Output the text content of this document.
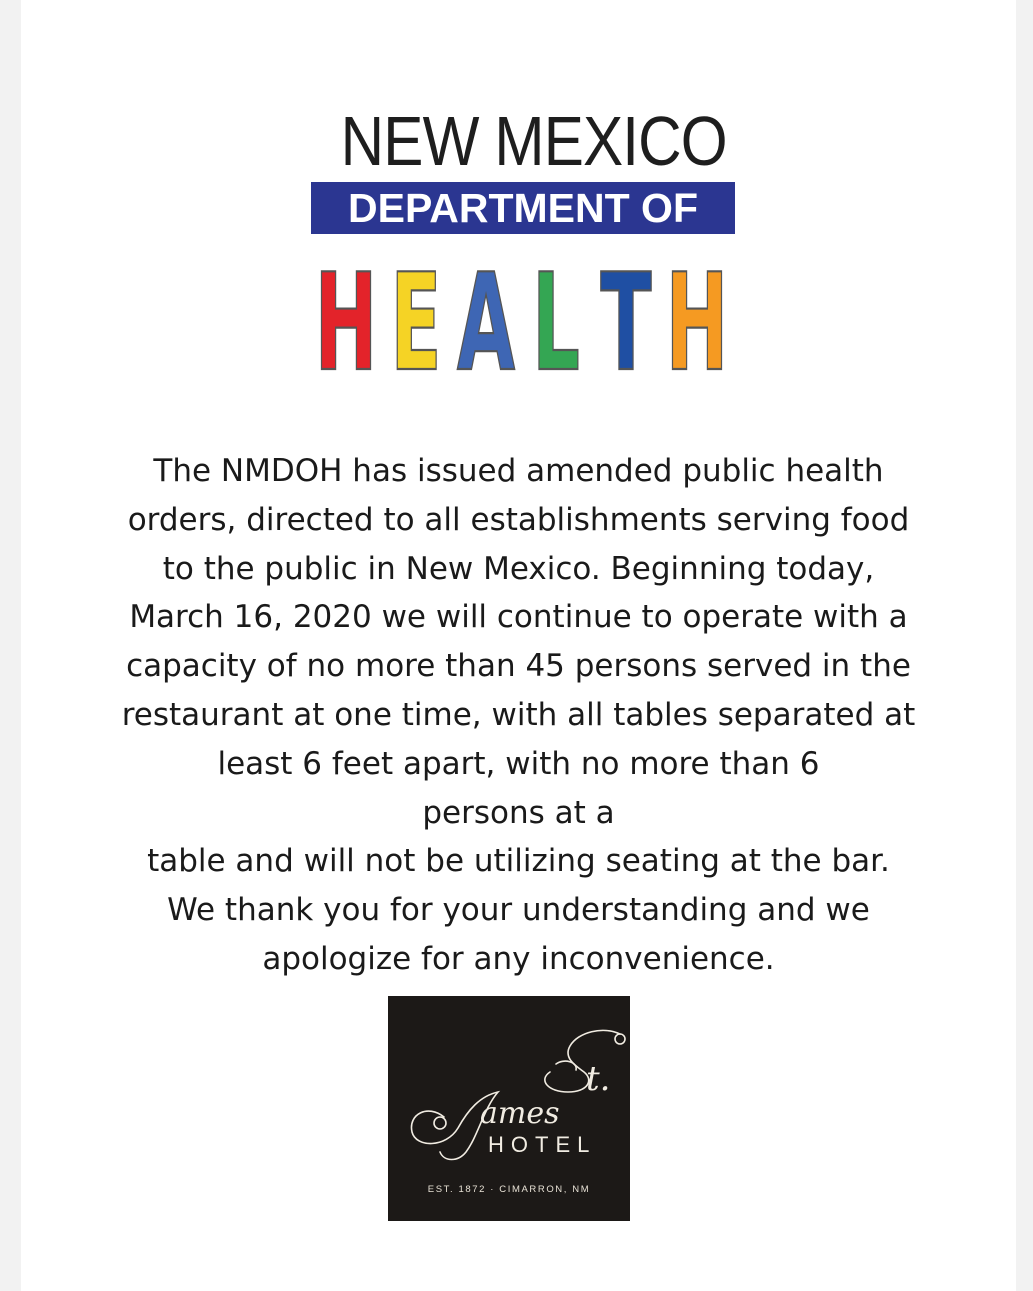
NEW MEXICO
DEPARTMENT OF
H E A L T H
The NMDOH has issued amended public health
orders, directed to all establishments serving food
to the public in New Mexico. Beginning today,
March 16, 2020 we will continue to operate with a
capacity of no more than 45 persons served in the
restaurant at one time, with all tables separated at
least 6 feet apart, with no more than 6
persons at a
table and will not be utilizing seating at the bar.
We thank you for your understanding and we
apologize for any inconvenience.
t.
ames
HOTEL
EST. 1872 · CIMARRON, NM
